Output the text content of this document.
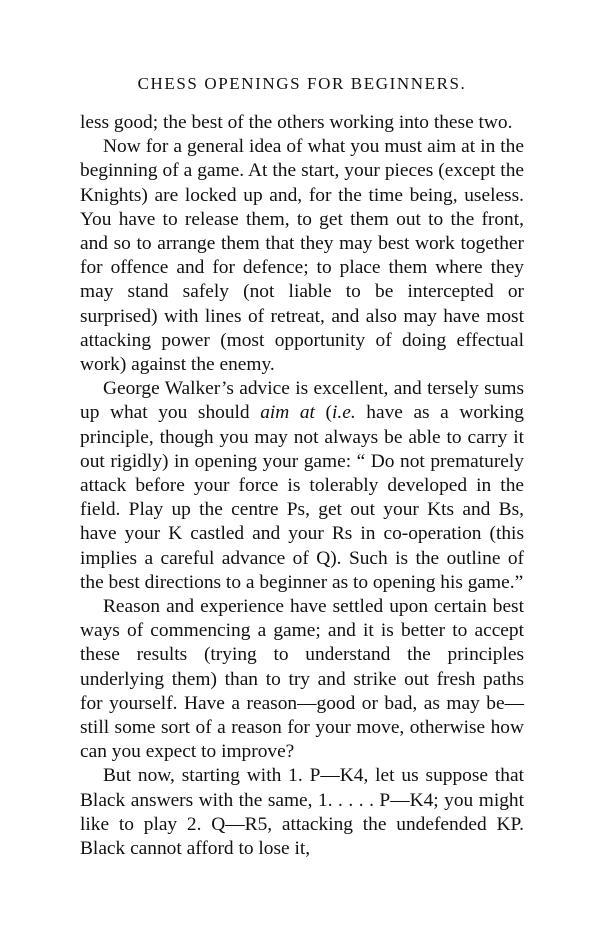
CHESS OPENINGS FOR BEGINNERS.

less good; the best of the others working into these two.

Now for a general idea of what you must aim at in the beginning of a game. At the start, your pieces (except the Knights) are locked up and, for the time being, useless. You have to release them, to get them out to the front, and so to arrange them that they may best work together for offence and for defence; to place them where they may stand safely (not liable to be intercepted or surprised) with lines of retreat, and also may have most attacking power (most opportunity of doing effectual work) against the enemy.

George Walker’s advice is excellent, and tersely sums up what you should aim at (i.e. have as a working principle, though you may not always be able to carry it out rigidly) in opening your game: “ Do not prematurely attack before your force is tolerably developed in the field. Play up the centre Ps, get out your Kts and Bs, have your K castled and your Rs in co-operation (this implies a careful advance of Q). Such is the outline of the best directions to a beginner as to opening his game.”

Reason and experience have settled upon certain best ways of commencing a game; and it is better to accept these results (trying to understand the principles underlying them) than to try and strike out fresh paths for yourself. Have a reason—good or bad, as may be—still some sort of a reason for your move, otherwise how can you expect to improve?

But now, starting with 1. P—K4, let us suppose that Black answers with the same, 1. . . . . P—K4; you might like to play 2. Q—R5, attacking the undefended KP. Black cannot afford to lose it,
